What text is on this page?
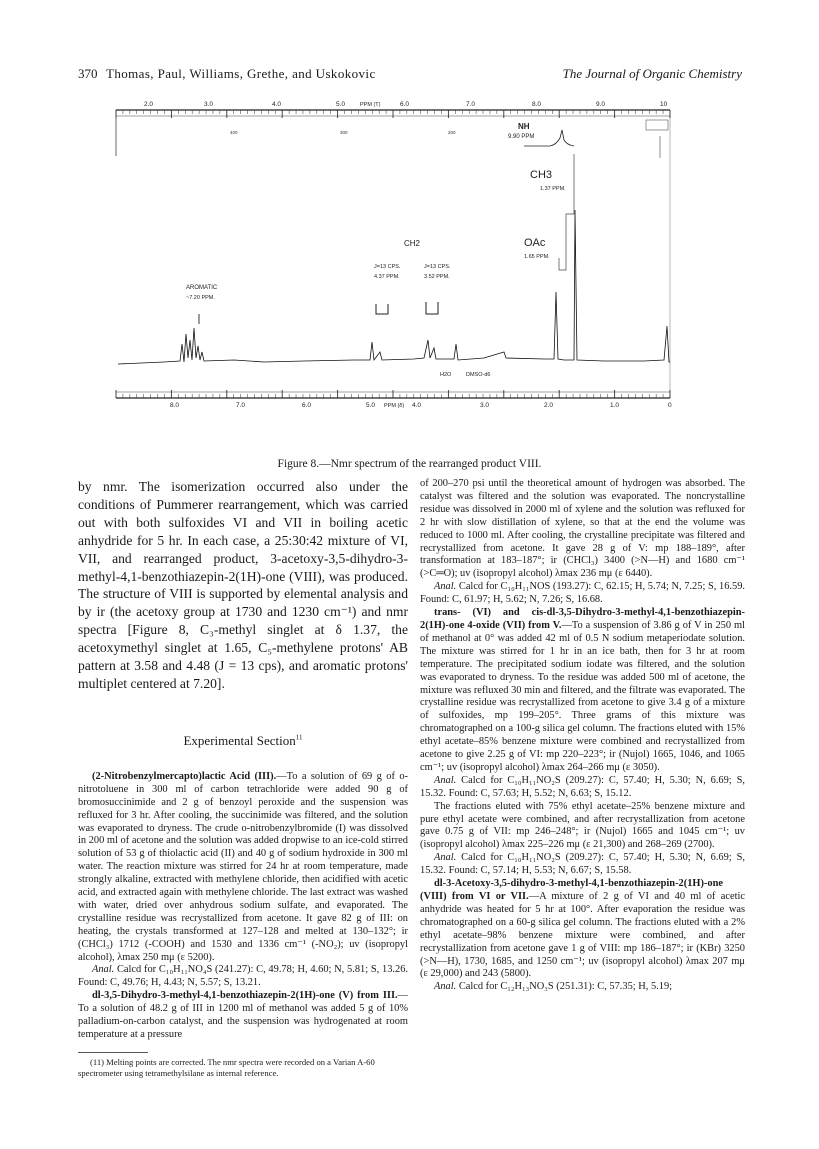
370 Thomas, Paul, Williams, Grethe, and Uskokovic	The Journal of Organic Chemistry
2.0	3.0	4.0	5.0	PPM (T)	6.0	7.0	8.0	9.0	10
8.0	7.0	6.0	5.0 PPM (δ) 4.0	3.0	2.0	1.0	0
400	300	200
NH
9.90 PPM
CH3
1.37 PPM.
OAc
1.65 PPM.
CH2
J=13 CPS.
4.37 PPM.
J=13 CPS.
3.52 PPM.
AROMATIC
~7.20 PPM.
H2O	DMSO-d6
Figure 8.—Nmr spectrum of the rearranged product VIII.

by nmr. The isomerization occurred also under the conditions of Pummerer rearrangement, which was carried out with both sulfoxides VI and VII in boiling acetic anhydride for 5 hr. In each case, a 25:30:42 mixture of VI, VII, and rearranged product, 3-acetoxy-3,5-dihydro-3-methyl-4,1-benzothiazepin-2(1H)-one (VIII), was produced. The structure of VIII is supported by elemental analysis and by ir (the acetoxy group at 1730 and 1230 cm⁻¹) and nmr spectra [Figure 8, C₃-methyl singlet at δ 1.37, the acetoxymethyl singlet at 1.65, C₅-methylene protons' AB pattern at 3.58 and 4.48 (J = 13 cps), and aromatic protons' multiplet centered at 7.20].

Experimental Section$^{11}$

(2-Nitrobenzylmercapto)lactic Acid (III).—To a solution of 69 g of o-nitrotoluene in 300 ml of carbon tetrachloride were added 90 g of bromosuccinimide and 2 g of benzoyl peroxide and the suspension was refluxed for 3 hr. After cooling, the succinimide was filtered, and the solution was evaporated to dryness. The crude o-nitrobenzylbromide (I) was dissolved in 200 ml of acetone and the solution was added dropwise to an ice-cold stirred solution of 53 g of thiolactic acid (II) and 40 g of sodium hydroxide in 300 ml water. The reaction mixture was stirred for 24 hr at room temperature, made strongly alkaline, extracted with methylene chloride, then acidified with acetic acid, and extracted again with methylene chloride. The last extract was washed with water, dried over anhydrous sodium sulfate, and evaporated. The crystalline residue was recrystallized from acetone. It gave 82 g of III: on heating, the crystals transformed at 127–128 and melted at 130–132°; ir (CHCl₃) 1712 (-COOH) and 1530 and 1336 cm⁻¹ (-NO₂); uv (isopropyl alcohol), λmax 250 mμ (ε 5200).

Anal. Calcd for C₁₀H₁₁NO₄S (241.27): C, 49.78; H, 4.60; N, 5.81; S, 13.26. Found: C, 49.76; H, 4.43; N, 5.57; S, 13.21.

dl-3,5-Dihydro-3-methyl-4,1-benzothiazepin-2(1H)-one (V) from III.—To a solution of 48.2 g of III in 1200 ml of methanol was added 5 g of 10% palladium-on-carbon catalyst, and the suspension was hydrogenated at room temperature at a pressure

(11) Melting points are corrected. The nmr spectra were recorded on a Varian A-60 spectrometer using tetramethylsilane as internal reference.

of 200–270 psi until the theoretical amount of hydrogen was absorbed. The catalyst was filtered and the solution was evaporated. The noncrystalline residue was dissolved in 2000 ml of xylene and the solution was refluxed for 2 hr with slow distillation of xylene, so that at the end the volume was reduced to 1000 ml. After cooling, the crystalline precipitate was filtered and recrystallized from acetone. It gave 28 g of V: mp 188–189°, after transformation at 183–187°; ir (CHCl₃) 3400 (>N—H) and 1680 cm⁻¹ (>C═O); uv (isopropyl alcohol) λmax 236 mμ (ε 6440).

Anal. Calcd for C₁₀H₁₁NOS (193.27): C, 62.15; H, 5.74; N, 7.25; S, 16.59. Found: C, 61.97; H, 5.62; N, 7.26; S, 16.68.

trans- (VI) and cis-dl-3,5-Dihydro-3-methyl-4,1-benzothiazepin-2(1H)-one 4-oxide (VII) from V.—To a suspension of 3.86 g of V in 250 ml of methanol at 0° was added 42 ml of 0.5 N sodium metaperiodate solution. The mixture was stirred for 1 hr in an ice bath, then for 3 hr at room temperature. The precipitated sodium iodate was filtered, and the solution was evaporated to dryness. To the residue was added 500 ml of acetone, the mixture was refluxed 30 min and filtered, and the filtrate was evaporated. The crystalline residue was recrystallized from acetone to give 3.4 g of a mixture of sulfoxides, mp 199–205°. Three grams of this mixture was chromatographed on a 100-g silica gel column. The fractions eluted with 15% ethyl acetate–85% benzene mixture were combined and recrystallized from acetone to give 2.25 g of VI: mp 220–223°; ir (Nujol) 1665, 1046, and 1065 cm⁻¹; uv (isopropyl alcohol) λmax 264–266 mμ (ε 3050).

Anal. Calcd for C₁₀H₁₁NO₂S (209.27): C, 57.40; H, 5.30; N, 6.69; S, 15.32. Found: C, 57.63; H, 5.52; N, 6.63; S, 15.12.

The fractions eluted with 75% ethyl acetate–25% benzene mixture and pure ethyl acetate were combined, and after recrystallization from acetone gave 0.75 g of VII: mp 246–248°; ir (Nujol) 1665 and 1045 cm⁻¹; uv (isopropyl alcohol) λmax 225–226 mμ (ε 21,300) and 268–269 (2700).

Anal. Calcd for C₁₀H₁₁NO₂S (209.27): C, 57.40; H, 5.30; N, 6.69; S, 15.32. Found: C, 57.14; H, 5.53; N, 6.67; S, 15.58.

dl-3-Acetoxy-3,5-dihydro-3-methyl-4,1-benzothiazepin-2(1H)-one (VIII) from VI or VII.—A mixture of 2 g of VI and 40 ml of acetic anhydride was heated for 5 hr at 100°. After evaporation the residue was chromatographed on a 60-g silica gel column. The fractions eluted with a 2% ethyl acetate–98% benzene mixture were combined, and after recrystallization from acetone gave 1 g of VIII: mp 186–187°; ir (KBr) 3250 (>N—H), 1730, 1685, and 1250 cm⁻¹; uv (isopropyl alcohol) λmax 207 mμ (ε 29,000) and 243 (5800).

Anal. Calcd for C₁₂H₁₃NO₃S (251.31): C, 57.35; H, 5.19;
